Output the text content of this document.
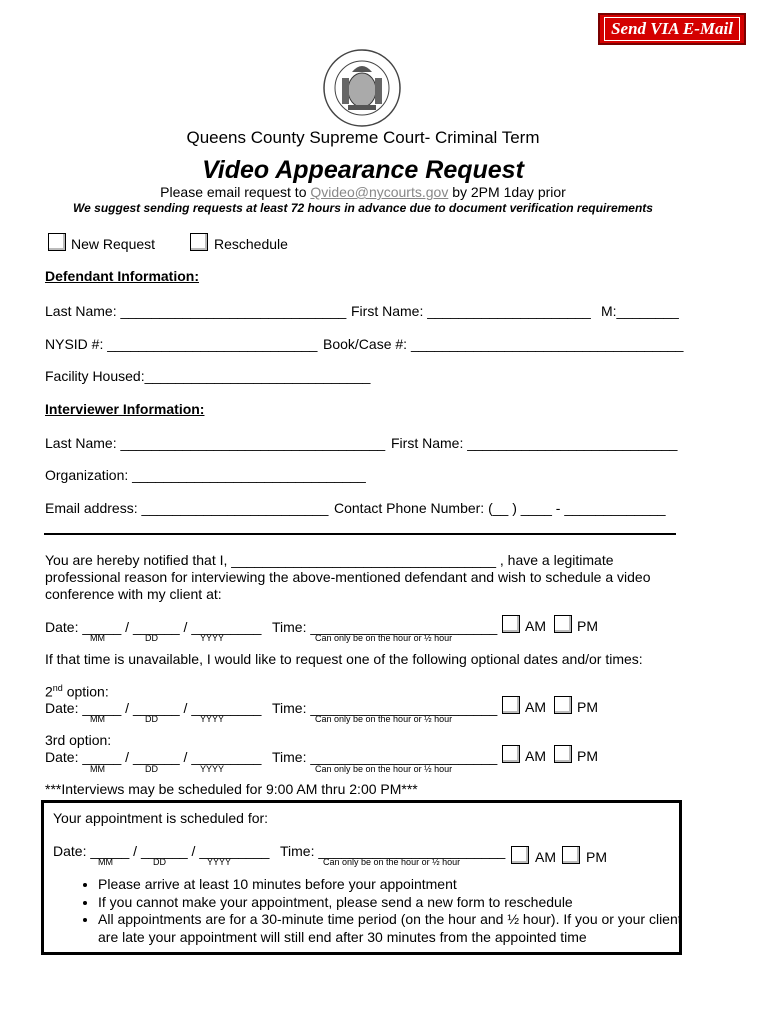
Send VIA E-Mail
Queens County Supreme Court- Criminal Term
Video Appearance Request
Please email request to Qvideo@nycourts.gov by 2PM 1day prior
We suggest sending requests at least 72 hours in advance due to document verification requirements
New Request	Reschedule
Defendant Information:
Last Name: _____________________________ First Name: _____________________ M:________
NYSID #: ___________________________ Book/Case #: ___________________________________
Facility Housed:_____________________________
Interviewer Information:
Last Name: __________________________________ First Name: ___________________________
Organization: ______________________________
Email address: ________________________ Contact Phone Number: (__ ) ____ - _____________
You are hereby notified that I, __________________________________ , have a legitimate
professional reason for interviewing the above-mentioned defendant and wish to schedule a video
conference with my client at:
Date: _____ / ______ / _________ Time: ________________________
MM	DD	YYYY	Can only be on the hour or ½ hour
AM PM
If that time is unavailable, I would like to request one of the following optional dates and/or times:
2nd option:
Date: _____ / ______ / _________ Time: ________________________
MM	DD	YYYY	Can only be on the hour or ½ hour
AM PM
3rd option:
Date: _____ / ______ / _________ Time: ________________________
MM	DD	YYYY	Can only be on the hour or ½ hour
AM PM
***Interviews may be scheduled for 9:00 AM thru 2:00 PM***
Your appointment is scheduled for:
Date: _____ / ______ / _________ Time: ________________________
MM	DD	YYYY	Can only be on the hour or ½ hour	AM PM
• Please arrive at least 10 minutes before your appointment
• If you cannot make your appointment, please send a new form to reschedule
• All appointments are for a 30-minute time period (on the hour and ½ hour). If you or your client are late your appointment will still end after 30 minutes from the appointed time
